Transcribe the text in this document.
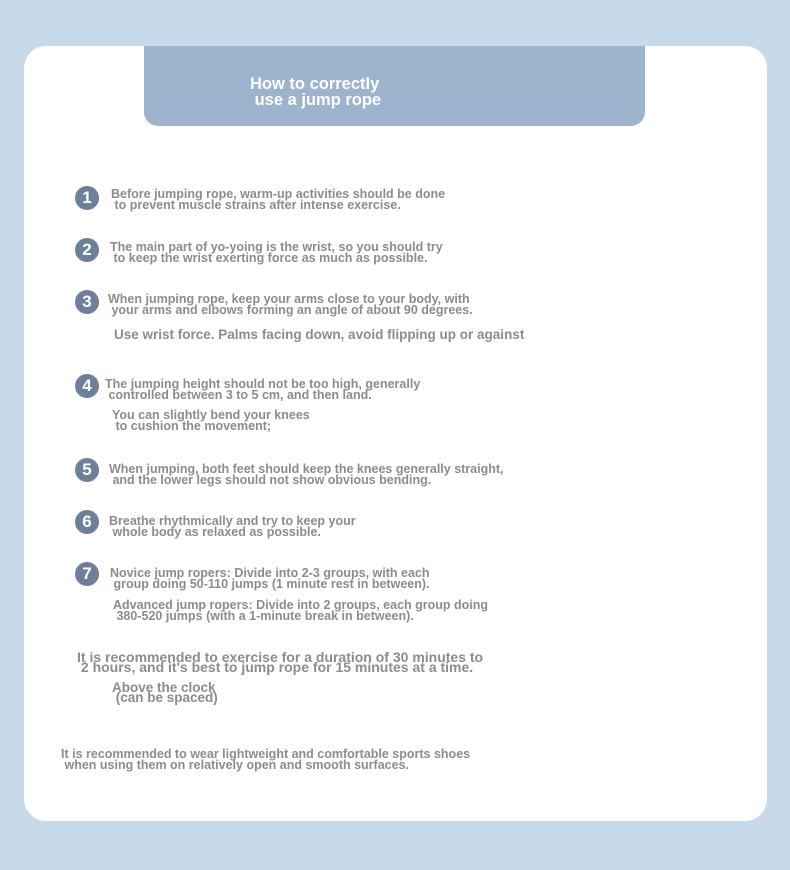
How to correctly
use a jump rope
1	Before jumping rope, warm-up activities should be done
to prevent muscle strains after intense exercise.
2	The main part of yo-yoing is the wrist, so you should try
to keep the wrist exerting force as much as possible.
3	When jumping rope, keep your arms close to your body, with
your arms and elbows forming an angle of about 90 degrees.
Use wrist force. Palms facing down, avoid flipping up or against
4	The jumping height should not be too high, generally
controlled between 3 to 5 cm, and then land.
You can slightly bend your knees
to cushion the movement;
5	When jumping, both feet should keep the knees generally straight,
and the lower legs should not show obvious bending.
6	Breathe rhythmically and try to keep your
whole body as relaxed as possible.
7	Novice jump ropers: Divide into 2-3 groups, with each
group doing 50-110 jumps (1 minute rest in between).
Advanced jump ropers: Divide into 2 groups, each group doing
380-520 jumps (with a 1-minute break in between).
It is recommended to exercise for a duration of 30 minutes to
2 hours, and it's best to jump rope for 15 minutes at a time.
Above the clock
(can be spaced)
It is recommended to wear lightweight and comfortable sports shoes
when using them on relatively open and smooth surfaces.
